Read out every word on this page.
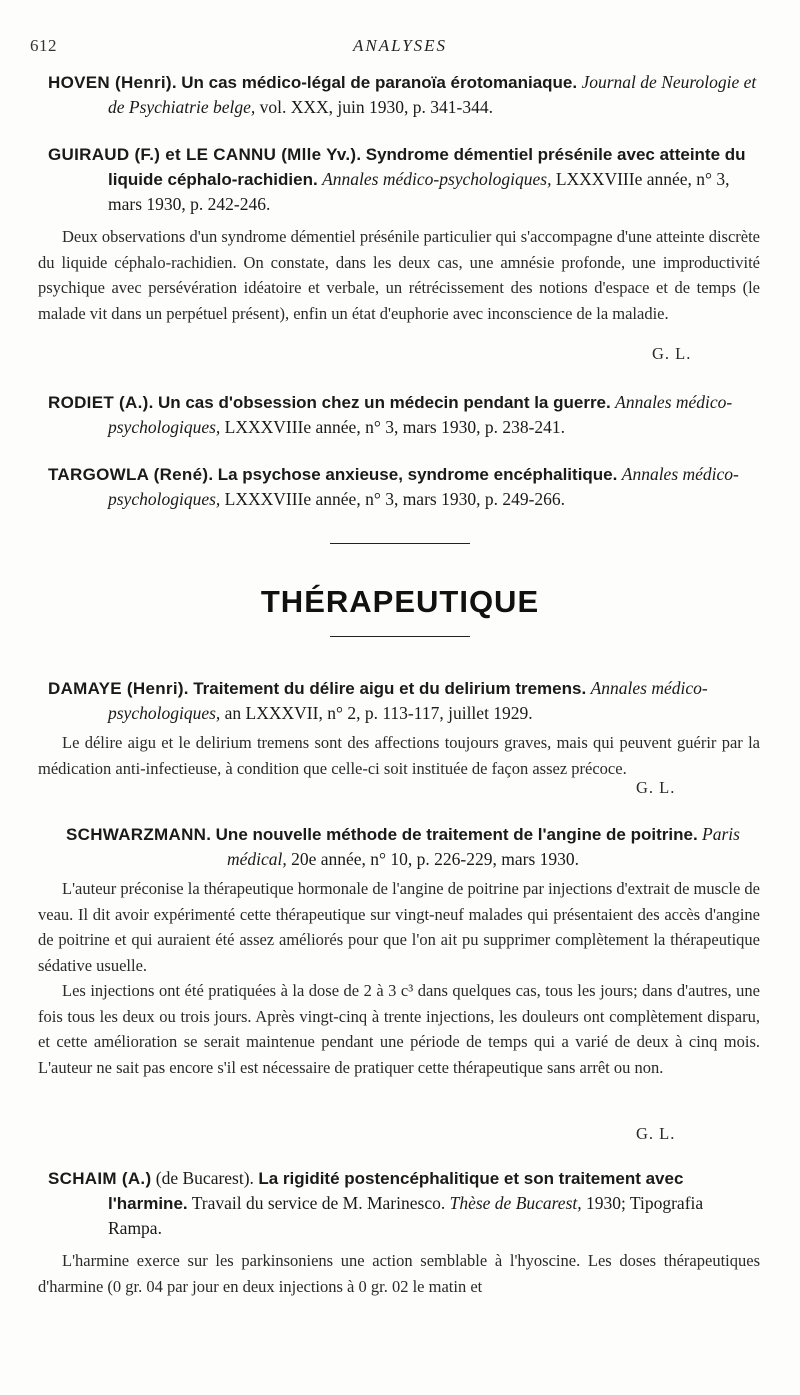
612	ANALYSES

HOVEN (Henri). Un cas médico-légal de paranoïa érotomaniaque. Journal de Neurologie et de Psychiatrie belge, vol. XXX, juin 1930, p. 341-344.

GUIRAUD (F.) et LE CANNU (Mlle Yv.). Syndrome démentiel présénile avec atteinte du liquide céphalo-rachidien. Annales médico-psychologiques, LXXXVIIIe année, n° 3, mars 1930, p. 242-246.

Deux observations d'un syndrome démentiel présénile particulier qui s'accompagne d'une atteinte discrète du liquide céphalo-rachidien. On constate, dans les deux cas, une amnésie profonde, une improductivité psychique avec persévération idéatoire et verbale, un rétrécissement des notions d'espace et de temps (le malade vit dans un perpétuel présent), enfin un état d'euphorie avec inconscience de la maladie.

G. L.

RODIET (A.). Un cas d'obsession chez un médecin pendant la guerre. Annales médico-psychologiques, LXXXVIIIe année, n° 3, mars 1930, p. 238-241.

TARGOWLA (René). La psychose anxieuse, syndrome encéphalitique. Annales médico-psychologiques, LXXXVIIIe année, n° 3, mars 1930, p. 249-266.

THÉRAPEUTIQUE

DAMAYE (Henri). Traitement du délire aigu et du delirium tremens. Annales médico-psychologiques, an LXXXVII, n° 2, p. 113-117, juillet 1929.

Le délire aigu et le delirium tremens sont des affections toujours graves, mais qui peuvent guérir par la médication anti-infectieuse, à condition que celle-ci soit instituée de façon assez précoce.

G. L.

SCHWARZMANN. Une nouvelle méthode de traitement de l'angine de poitrine. Paris médical, 20e année, n° 10, p. 226-229, mars 1930.

L'auteur préconise la thérapeutique hormonale de l'angine de poitrine par injections d'extrait de muscle de veau. Il dit avoir expérimenté cette thérapeutique sur vingt-neuf malades qui présentaient des accès d'angine de poitrine et qui auraient été assez améliorés pour que l'on ait pu supprimer complètement la thérapeutique sédative usuelle.

Les injections ont été pratiquées à la dose de 2 à 3 c³ dans quelques cas, tous les jours; dans d'autres, une fois tous les deux ou trois jours. Après vingt-cinq à trente injections, les douleurs ont complètement disparu, et cette amélioration se serait maintenue pendant une période de temps qui a varié de deux à cinq mois. L'auteur ne sait pas encore s'il est nécessaire de pratiquer cette thérapeutique sans arrêt ou non.

G. L.

SCHAIM (A.) (de Bucarest). La rigidité postencéphalitique et son traitement avec l'harmine. Travail du service de M. Marinesco. Thèse de Bucarest, 1930; Tipografia Rampa.

L'harmine exerce sur les parkinsoniens une action semblable à l'hyoscine. Les doses thérapeutiques d'harmine (0 gr. 04 par jour en deux injections à 0 gr. 02 le matin et
